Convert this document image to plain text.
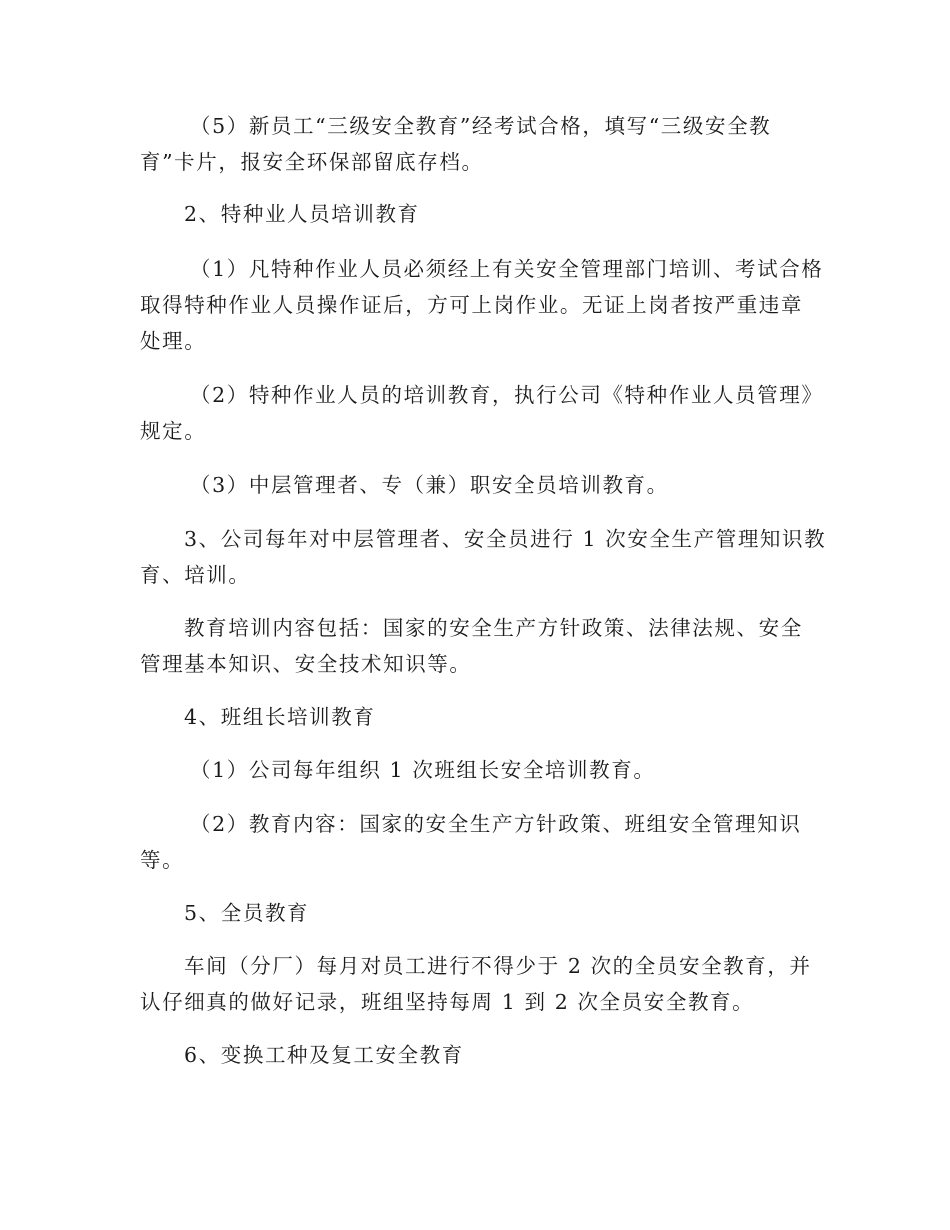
（5）新员工“三级安全教育”经考试合格，填写“三级安全教
育”卡片，报安全环保部留底存档。
2、特种业人员培训教育
（1）凡特种作业人员必须经上有关安全管理部门培训、考试合格
取得特种作业人员操作证后，方可上岗作业。无证上岗者按严重违章
处理。
（2）特种作业人员的培训教育，执行公司《特种作业人员管理》
规定。
（3）中层管理者、专（兼）职安全员培训教育。
3、公司每年对中层管理者、安全员进行 1 次安全生产管理知识教
育、培训。
教育培训内容包括：国家的安全生产方针政策、法律法规、安全
管理基本知识、安全技术知识等。
4、班组长培训教育
（1）公司每年组织 1 次班组长安全培训教育。
（2）教育内容：国家的安全生产方针政策、班组安全管理知识
等。
5、全员教育
车间（分厂）每月对员工进行不得少于 2 次的全员安全教育，并
认仔细真的做好记录，班组坚持每周 1 到 2 次全员安全教育。
6、变换工种及复工安全教育
